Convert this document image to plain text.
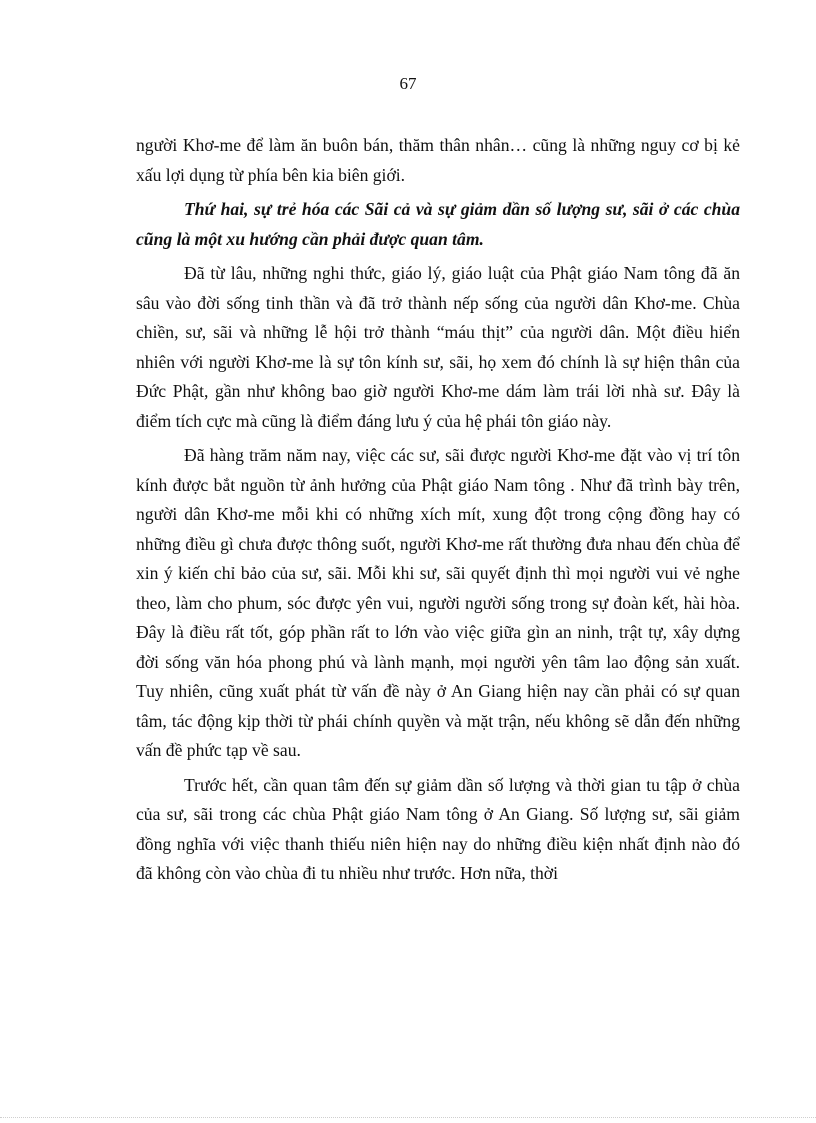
67

người Khơ-me để làm ăn buôn bán, thăm thân nhân… cũng là những nguy cơ bị kẻ xấu lợi dụng từ phía bên kia biên giới.

Thứ hai, sự trẻ hóa các Sãi cả và sự giảm dần số lượng sư, sãi ở các chùa cũng là một xu hướng cần phải được quan tâm.

Đã từ lâu, những nghi thức, giáo lý, giáo luật của Phật giáo Nam tông đã ăn sâu vào đời sống tinh thần và đã trở thành nếp sống của người dân Khơ-me. Chùa chiền, sư, sãi và những lễ hội trở thành “máu thịt” của người dân. Một điều hiển nhiên với người Khơ-me là sự tôn kính sư, sãi, họ xem đó chính là sự hiện thân của Đức Phật, gần như không bao giờ người Khơ-me dám làm trái lời nhà sư. Đây là điểm tích cực mà cũng là điểm đáng lưu ý của hệ phái tôn giáo này.

Đã hàng trăm năm nay, việc các sư, sãi được người Khơ-me đặt vào vị trí tôn kính được bắt nguồn từ ảnh hưởng của Phật giáo Nam tông . Như đã trình bày trên, người dân Khơ-me mỗi khi có những xích mít, xung đột trong cộng đồng hay có những điều gì chưa được thông suốt, người Khơ-me rất thường đưa nhau đến chùa để xin ý kiến chỉ bảo của sư, sãi. Mỗi khi sư, sãi quyết định thì mọi người vui vẻ nghe theo, làm cho phum, sóc được yên vui, người người sống trong sự đoàn kết, hài hòa. Đây là điều rất tốt, góp phần rất to lớn vào việc giữa gìn an ninh, trật tự, xây dựng đời sống văn hóa phong phú và lành mạnh, mọi người yên tâm lao động sản xuất. Tuy nhiên, cũng xuất phát từ vấn đề này ở An Giang hiện nay cần phải có sự quan tâm, tác động kịp thời từ phái chính quyền và mặt trận, nếu không sẽ dẫn đến những vấn đề phức tạp về sau.

Trước hết, cần quan tâm đến sự giảm dần số lượng và thời gian tu tập ở chùa của sư, sãi trong các chùa Phật giáo Nam tông ở An Giang. Số lượng sư, sãi giảm đồng nghĩa với việc thanh thiếu niên hiện nay do những điều kiện nhất định nào đó đã không còn vào chùa đi tu nhiều như trước. Hơn nữa, thời
